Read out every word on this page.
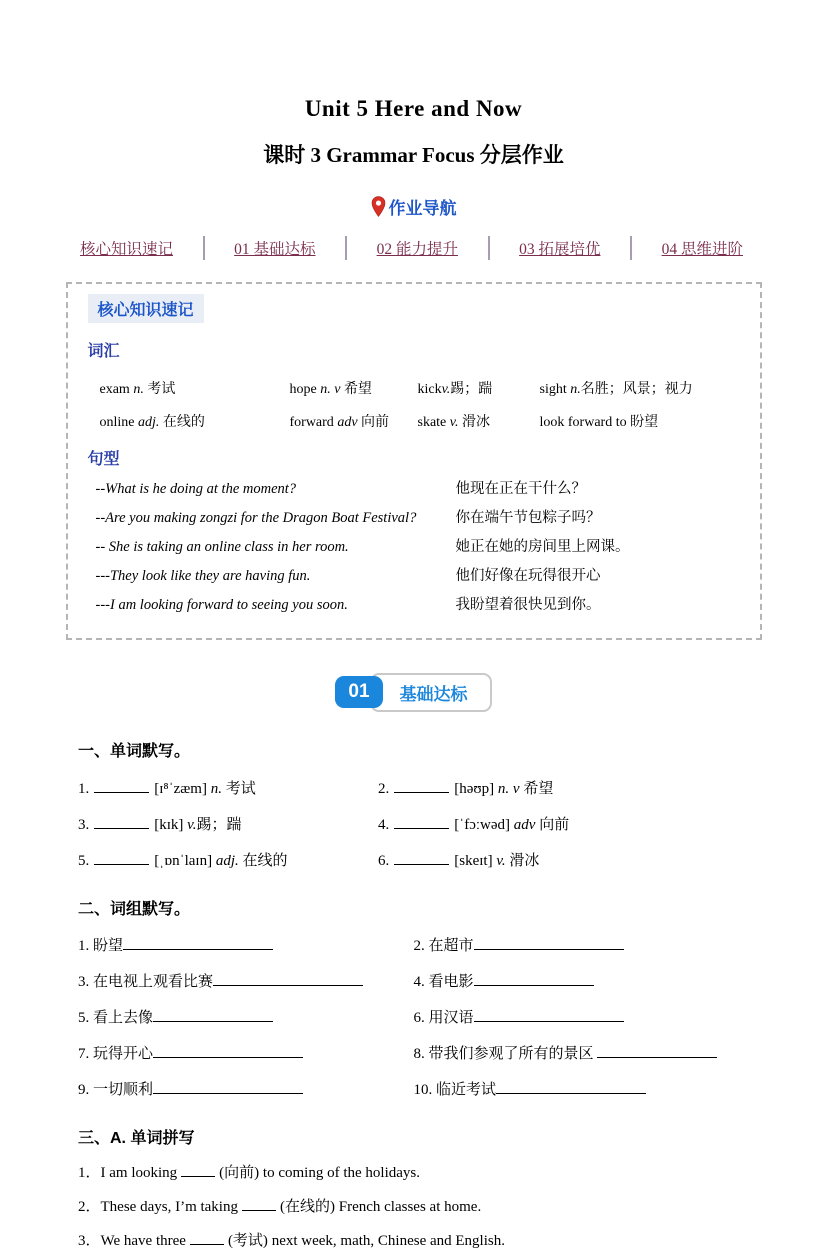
Unit 5 Here and Now
课时 3 Grammar Focus 分层作业
作业导航
核心知识速记	01 基础达标	02 能力提升	03 拓展培优	04 思维进阶
核心知识速记
词汇
exam n. 考试	hope n. v 希望	kickv.踢；踹	sight n.名胜；风景；视力
online adj. 在线的	forward adv 向前	skate v. 滑冰	look forward to 盼望
句型
--What is he doing at the moment?	他现在正在干什么？
--Are you making zongzi for the Dragon Boat Festival?	你在端午节包粽子吗？
-- She is taking an online class in her room.	她正在她的房间里上网课。
---They look like they are having fun.	他们好像在玩得很开心
---I am looking forward to seeing you soon.	我盼望着很快见到你。
01	基础达标

一、单词默写。

1.	[ɪ⁸ˈzæm] n. 考试	2.	[həʊp] n. v 希望
3.	[kɪk] v.踢；踹	4.	[ˈfɔːwəd] adv 向前
5.	[ˌɒnˈlaɪn] adj. 在线的	6.	[skeɪt] v. 滑冰

二、词组默写。

1. 盼望	2. 在超市
3. 在电视上观看比赛	4. 看电影
5. 看上去像	6. 用汉语
7. 玩得开心	8. 带我们参观了所有的景区
9. 一切顺利	10. 临近考试

三、A. 单词拼写

1．I am looking	(向前) to coming of the holidays.
2．These days, I’m taking	(在线的) French classes at home.
3．We have three	(考试) next week, math, Chinese and English.
